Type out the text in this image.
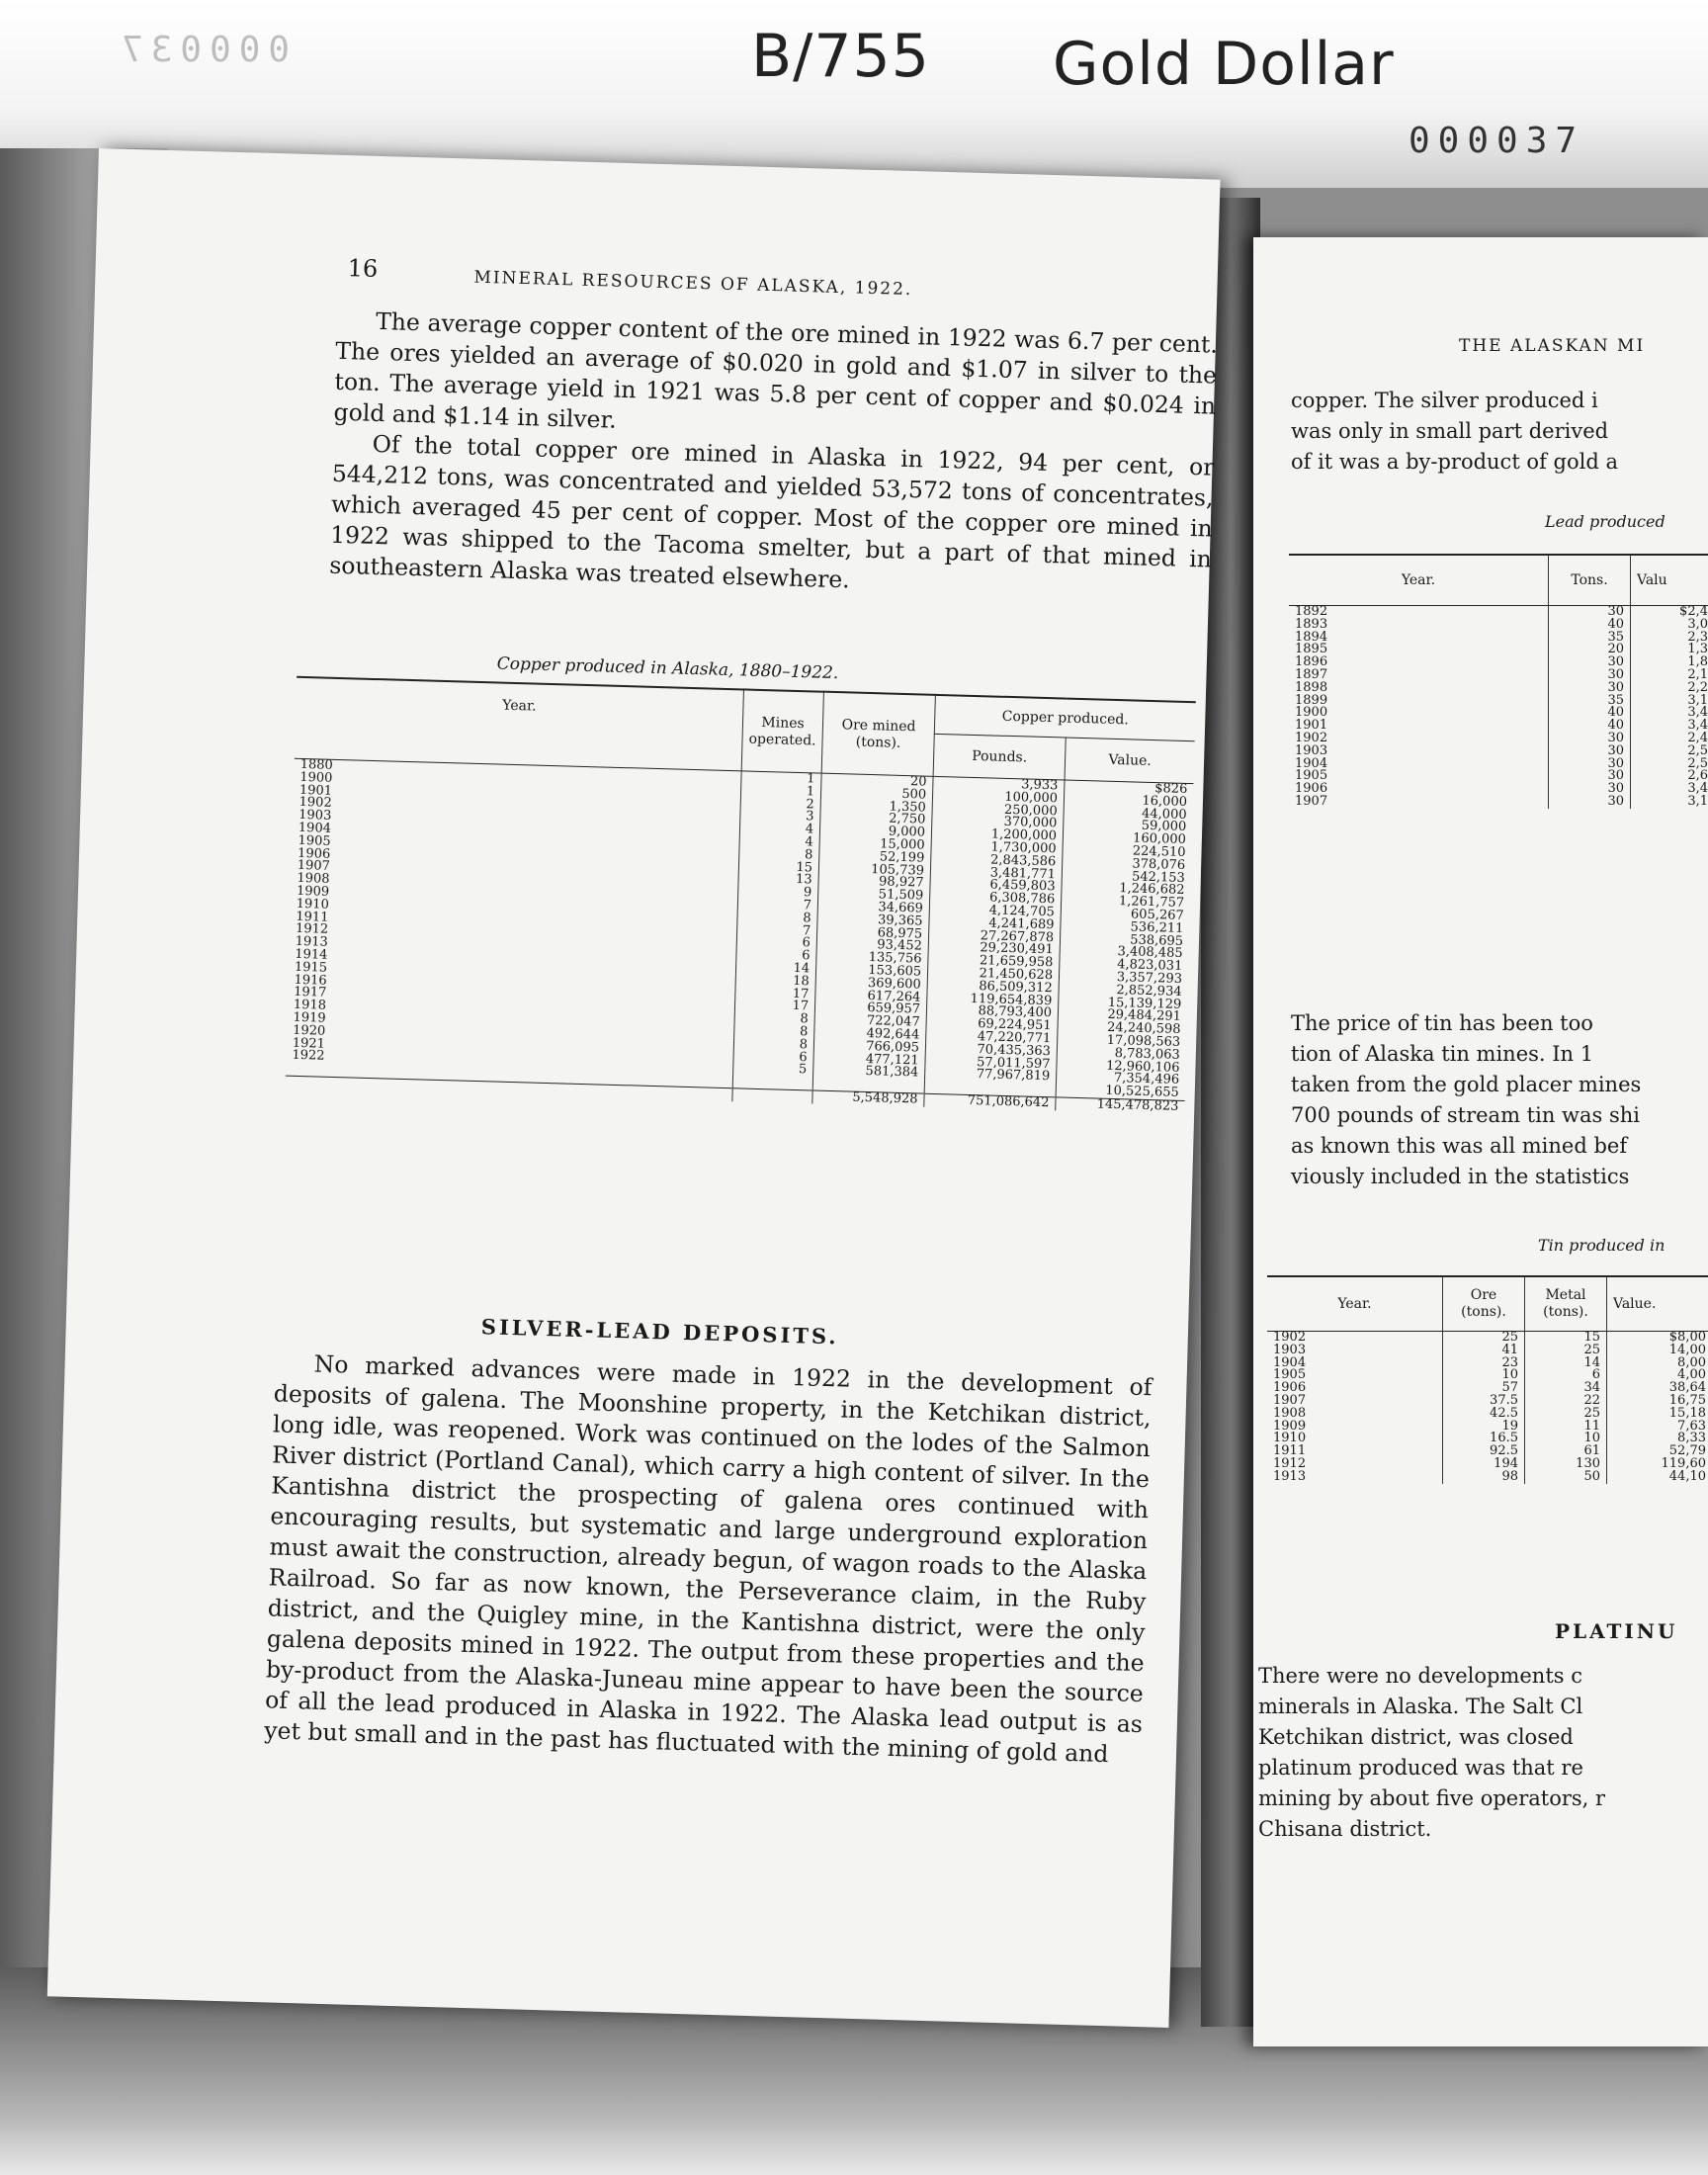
000037	B/755 Gold Dollar
000037
THE ALASKAN MI
copper. The silver produced i
was only in small part derived
of it was a by-product of gold a
Lead produced
Year.	Tons.	Valu
1892	30	$2,4
1893	40	3,0
1894	35	2,3
1895	20	1,3
1896	30	1,8
1897	30	2,1
1898	30	2,2
1899	35	3,1
1900	40	3,4
1901	40	3,4
1902	30	2,4
1903	30	2,5
1904	30	2,5
1905	30	2,6
1906	30	3,4
1907	30	3,1
The price of tin has been too
tion of Alaska tin mines. In 1
taken from the gold placer mines
700 pounds of stream tin was shi
as known this was all mined bef
viously included in the statistics
Tin produced in
Year.	Ore (tons).	Metal (tons).	Value.
1902	25	15	$8,00
1903	41	25	14,00
1904	23	14	8,00
1905	10	6	4,00
1906	57	34	38,64
1907	37.5	22	16,75
1908	42.5	25	15,18
1909	19	11	7,63
1910	16.5	10	8,33
1911	92.5	61	52,79
1912	194	130	119,60
1913	98	50	44,10
PLATINU
There were no developments c
minerals in Alaska. The Salt Cl
Ketchikan district, was closed
platinum produced was that re
mining by about five operators, r
Chisana district.
16	MINERAL RESOURCES OF ALASKA, 1922.
The average copper content of the ore mined in 1922 was 6.7 per cent. The ores yielded an average of $0.020 in gold and $1.07 in silver to the ton. The average yield in 1921 was 5.8 per cent of copper and $0.024 in gold and $1.14 in silver.
Of the total copper ore mined in Alaska in 1922, 94 per cent, or 544,212 tons, was concentrated and yielded 53,572 tons of concentrates, which averaged 45 per cent of copper. Most of the copper ore mined in 1922 was shipped to the Tacoma smelter, but a part of that mined in southeastern Alaska was treated elsewhere.
Copper produced in Alaska, 1880–1922.
Year.	Mines operated.	Ore mined (tons).	Copper produced.	
			Pounds.	Value.
1880	1	20	3,933	$826
1900	1	500	100,000	16,000
1901	2	1,350	250,000	44,000
1902	3	2,750	370,000	59,000
1903	4	9,000	1,200,000	160,000
1904	4	15,000	1,730,000	224,510
1905	8	52,199	2,843,586	378,076
1906	15	105,739	3,481,771	542,153
1907	13	98,927	6,459,803	1,246,682
1908	9	51,509	6,308,786	1,261,757
1909	7	34,669	4,124,705	605,267
1910	8	39,365	4,241,689	536,211
1911	7	68,975	27,267,878	538,695
1912	6	93,452	29,230,491	3,408,485
1913	6	135,756	21,659,958	4,823,031
1914	14	153,605	21,450,628	3,357,293
1915	18	369,600	86,509,312	2,852,934
1916	17	617,264	119,654,839	15,139,129
1917	17	659,957	88,793,400	29,484,291
1918	8	722,047	69,224,951	24,240,598
1919	8	492,644	47,220,771	17,098,563
1920	8	766,095	70,435,363	8,783,063
1921	6	477,121	57,011,597	12,960,106
1922	5	581,384	77,967,819	7,354,496
				10,525,655
		5,548,928	751,086,642	145,478,823
SILVER-LEAD DEPOSITS.
No marked advances were made in 1922 in the development of deposits of galena. The Moonshine property, in the Ketchikan district, long idle, was reopened. Work was continued on the lodes of the Salmon River district (Portland Canal), which carry a high content of silver. In the Kantishna district the prospecting of galena ores continued with encouraging results, but systematic and large underground exploration must await the construction, already begun, of wagon roads to the Alaska Railroad. So far as now known, the Perseverance claim, in the Ruby district, and the Quigley mine, in the Kantishna district, were the only galena deposits mined in 1922. The output from these properties and the by-product from the Alaska-Juneau mine appear to have been the source of all the lead produced in Alaska in 1922. The Alaska lead output is as yet but small and in the past has fluctuated with the mining of gold and
